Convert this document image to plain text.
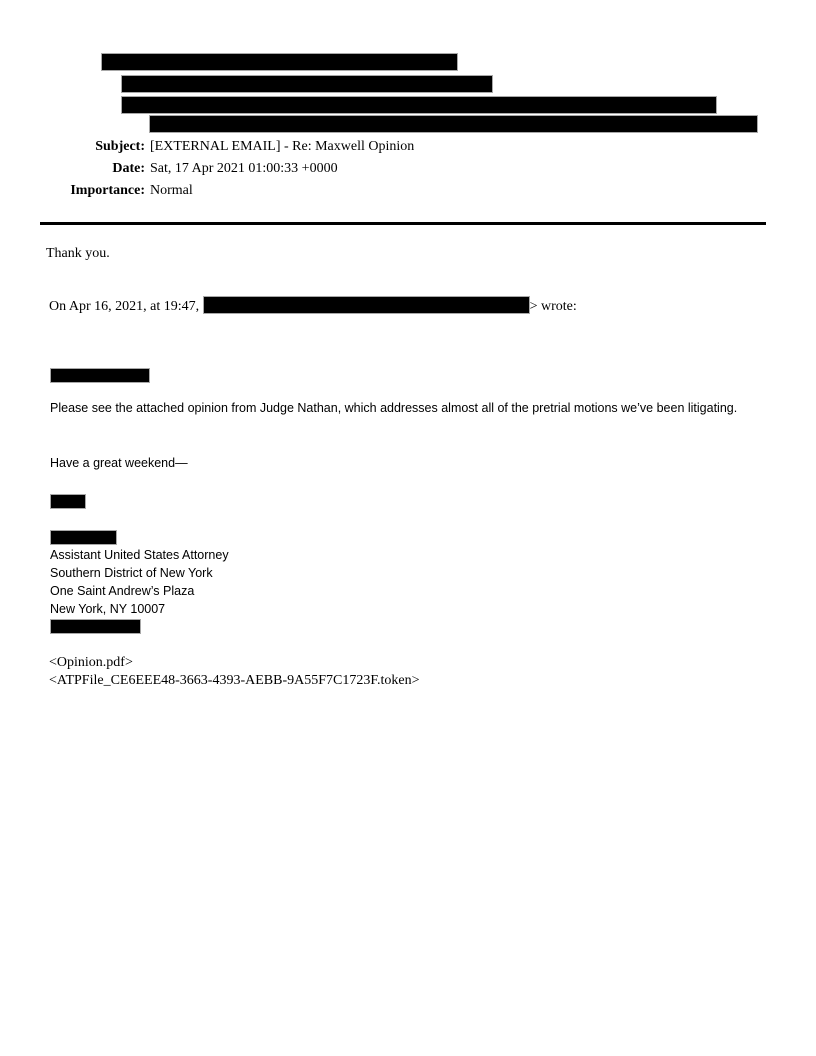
Subject: [EXTERNAL EMAIL] - Re: Maxwell Opinion
Date: Sat, 17 Apr 2021 01:00:33 +0000
Importance: Normal
Thank you.
On Apr 16, 2021, at 19:47,	> wrote:
Please see the attached opinion from Judge Nathan, which addresses almost all of the pretrial motions we’ve been litigating.
Have a great weekend—
Assistant United States Attorney
Southern District of New York
One Saint Andrew’s Plaza
New York, NY 10007
<Opinion.pdf>
<ATPFile_CE6EEE48-3663-4393-AEBB-9A55F7C1723F.token>
